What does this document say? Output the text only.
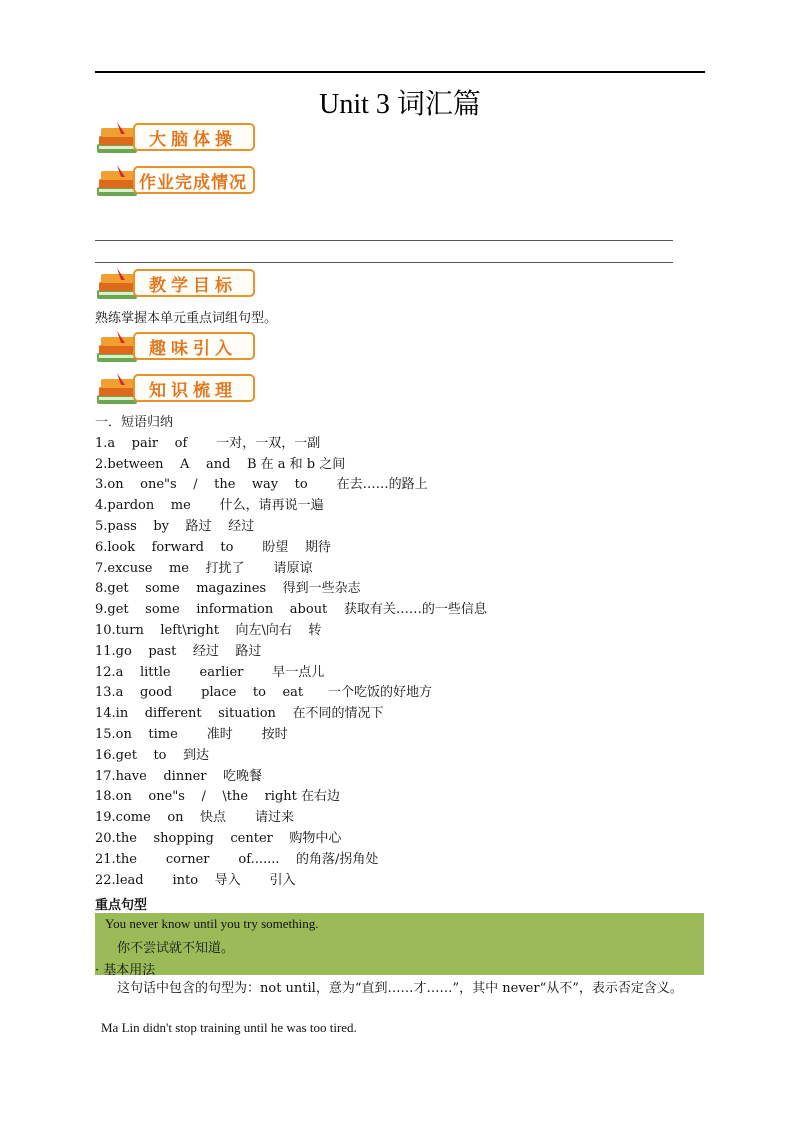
Unit 3 词汇篇
大脑体操
作业完成情况
教学目标
熟练掌握本单元重点词组句型。
趣味引入
知识梳理
一．短语归纳
1.a    pair    of       一对，一双，一副
2.between    A    and    B 在 a 和 b 之间
3.on    one"s    /    the    way    to       在去……的路上
4.pardon    me       什么，请再说一遍
5.pass    by    路过    经过
6.look    forward    to       盼望    期待
7.excuse    me    打扰了       请原谅
8.get    some    magazines    得到一些杂志
9.get    some    information    about    获取有关……的一些信息
10.turn    left\right    向左\向右    转
11.go    past    经过    路过
12.a    little       earlier       早一点儿
13.a    good       place    to    eat      一个吃饭的好地方
14.in    different    situation    在不同的情况下
15.on    time       准时       按时
16.get    to    到达
17.have    dinner    吃晚餐
18.on    one"s    /    \the    right 在右边
19.come    on    快点       请过来
20.the    shopping    center    购物中心
21.the       corner       of.......    的角落/拐角处
22.lead       into    导入       引入
重点句型
You never know until you try something.
你不尝试就不知道。
· 基本用法
这句话中包含的句型为：not until，意为“直到……才……”，其中 never“从不”，表示否定含义。
Ma Lin didn't stop training until he was too tired.
